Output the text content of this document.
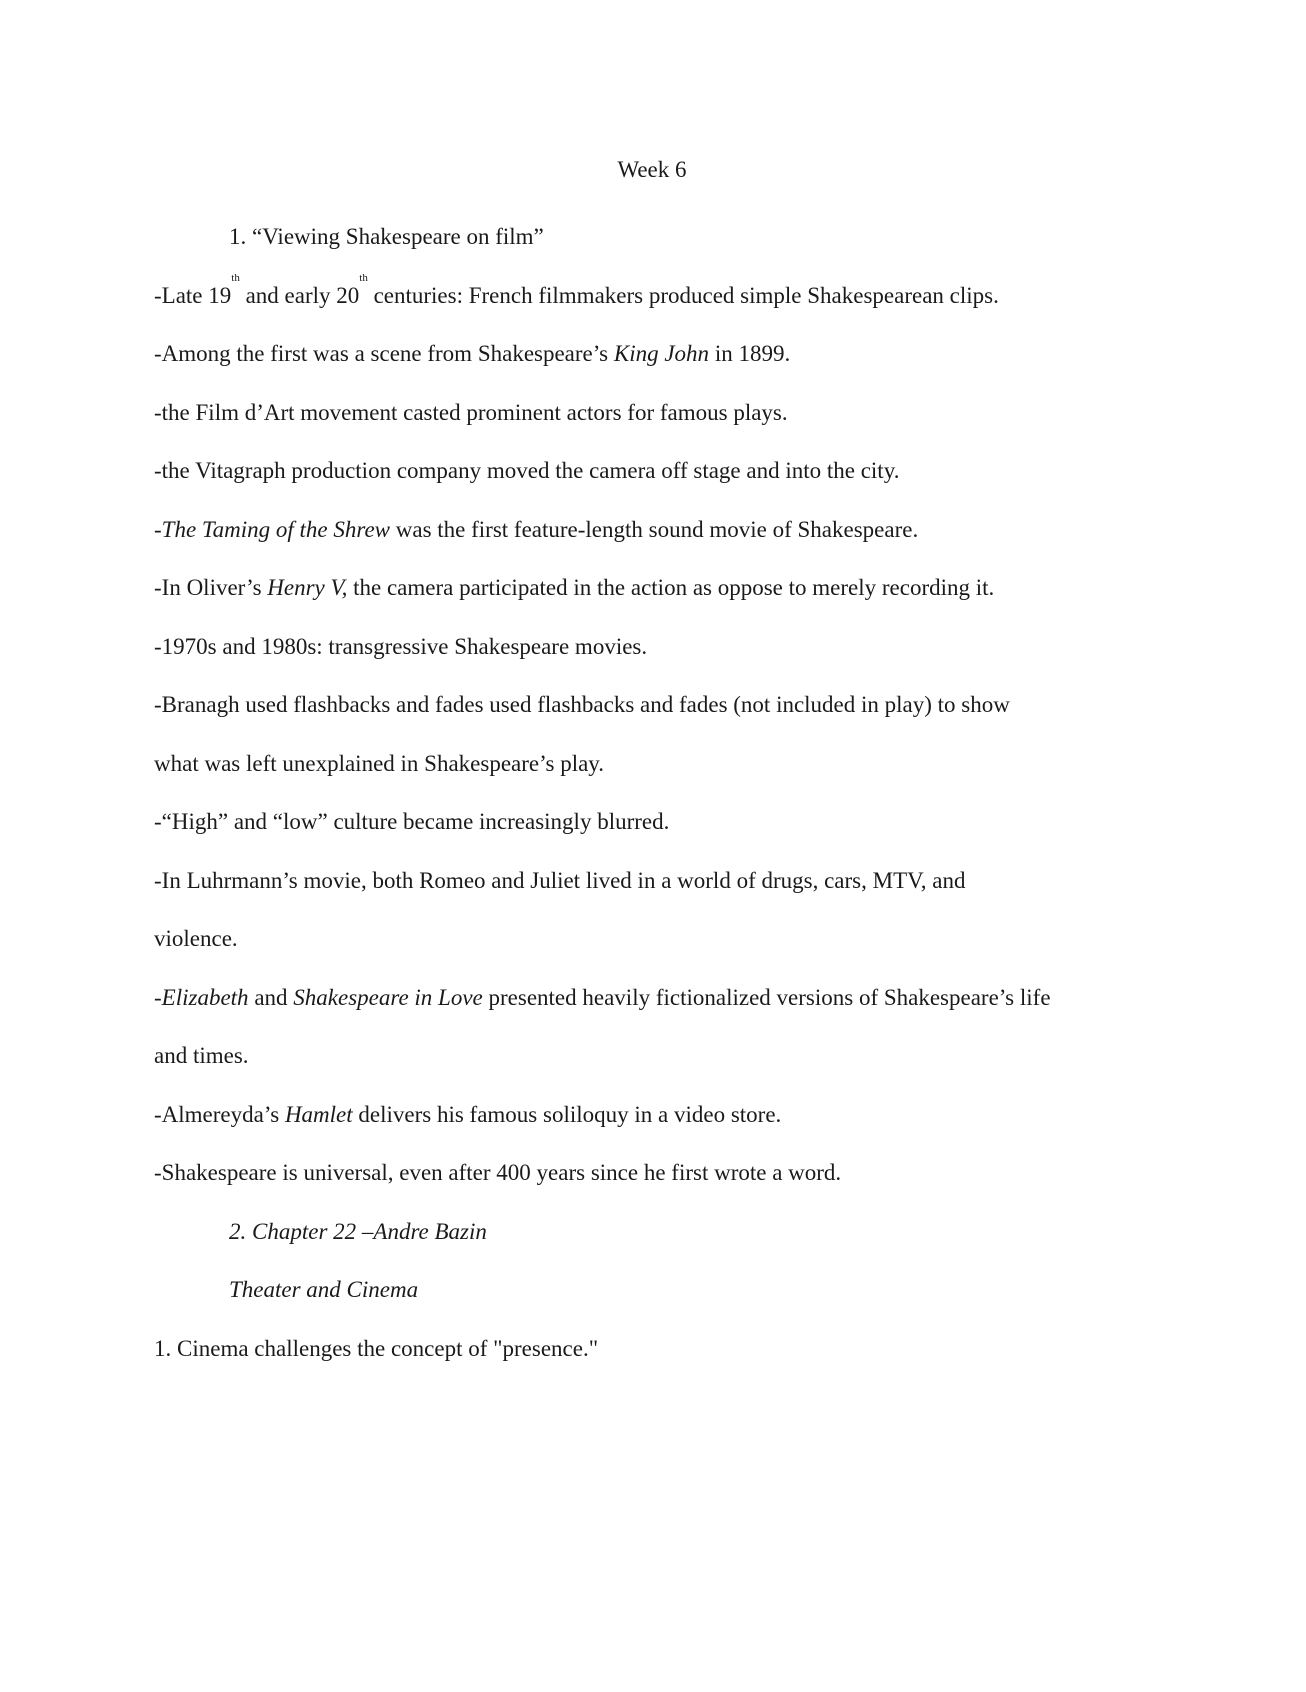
Week 6
1. “Viewing Shakespeare on film”
-Late 19th and early 20th centuries: French filmmakers produced simple Shakespearean clips.
-Among the first was a scene from Shakespeare’s King John in 1899.
-the Film d’Art movement casted prominent actors for famous plays.
-the Vitagraph production company moved the camera off stage and into the city.
-The Taming of the Shrew was the first feature-length sound movie of Shakespeare.
-In Oliver’s Henry V, the camera participated in the action as oppose to merely recording it.
-1970s and 1980s: transgressive Shakespeare movies.
-Branagh used flashbacks and fades used flashbacks and fades (not included in play) to show
what was left unexplained in Shakespeare’s play.
-“High” and “low” culture became increasingly blurred.
-In Luhrmann’s movie, both Romeo and Juliet lived in a world of drugs, cars, MTV, and
violence.
-Elizabeth and Shakespeare in Love presented heavily fictionalized versions of Shakespeare’s life
and times.
-Almereyda’s Hamlet delivers his famous soliloquy in a video store.
-Shakespeare is universal, even after 400 years since he first wrote a word.
2. Chapter 22 –Andre Bazin
Theater and Cinema
1. Cinema challenges the concept of "presence."
